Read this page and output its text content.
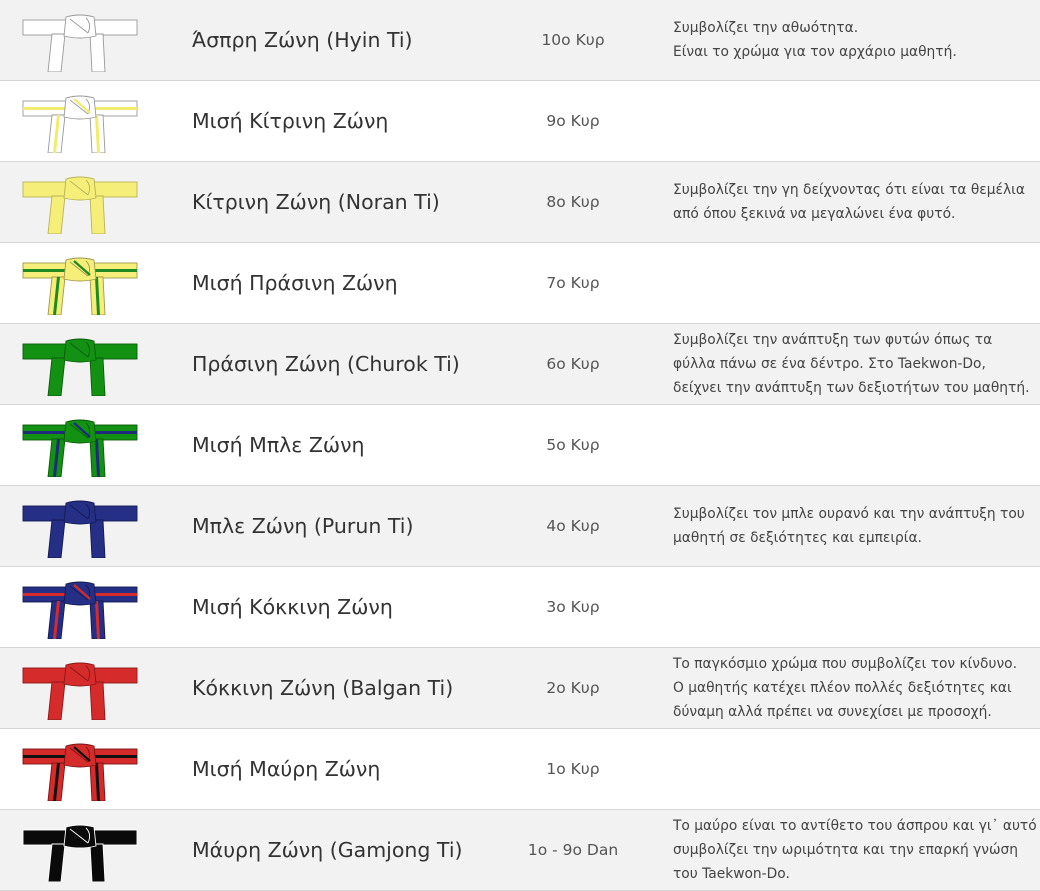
Άσπρη Ζώνη (Hyin Ti)	10ο Κυρ
Συμβολίζει την αθωότητα.
Είναι το χρώμα για τον αρχάριο μαθητή.
Μισή Κίτρινη Ζώνη	9ο Κυρ
Κίτρινη Ζώνη (Noran Ti)	8ο Κυρ
Συμβολίζει την γη δείχνοντας ότι είναι τα θεμέλια
από όπου ξεκινά να μεγαλώνει ένα φυτό.
Μισή Πράσινη Ζώνη	7ο Κυρ
Πράσινη Ζώνη (Churok Ti)	6ο Κυρ
Συμβολίζει την ανάπτυξη των φυτών όπως τα
φύλλα πάνω σε ένα δέντρο. Στο Taekwon-Do,
δείχνει την ανάπτυξη των δεξιοτήτων του μαθητή.
Μισή Μπλε Ζώνη	5ο Κυρ
Μπλε Ζώνη (Purun Ti)	4ο Κυρ
Συμβολίζει τον μπλε ουρανό και την ανάπτυξη του
μαθητή σε δεξιότητες και εμπειρία.
Μισή Κόκκινη Ζώνη	3ο Κυρ
Κόκκινη Ζώνη (Balgan Ti)	2ο Κυρ
Το παγκόσμιο χρώμα που συμβολίζει τον κίνδυνο.
Ο μαθητής κατέχει πλέον πολλές δεξιότητες και
δύναμη αλλά πρέπει να συνεχίσει με προσοχή.
Μισή Μαύρη Ζώνη	1ο Κυρ
Μάυρη Ζώνη (Gamjong Ti)	1ο - 9ο Dan
Το μαύρο είναι το αντίθετο του άσπρου και γι᾽ αυτό
συμβολίζει την ωριμότητα και την επαρκή γνώση
του Taekwon-Do.
